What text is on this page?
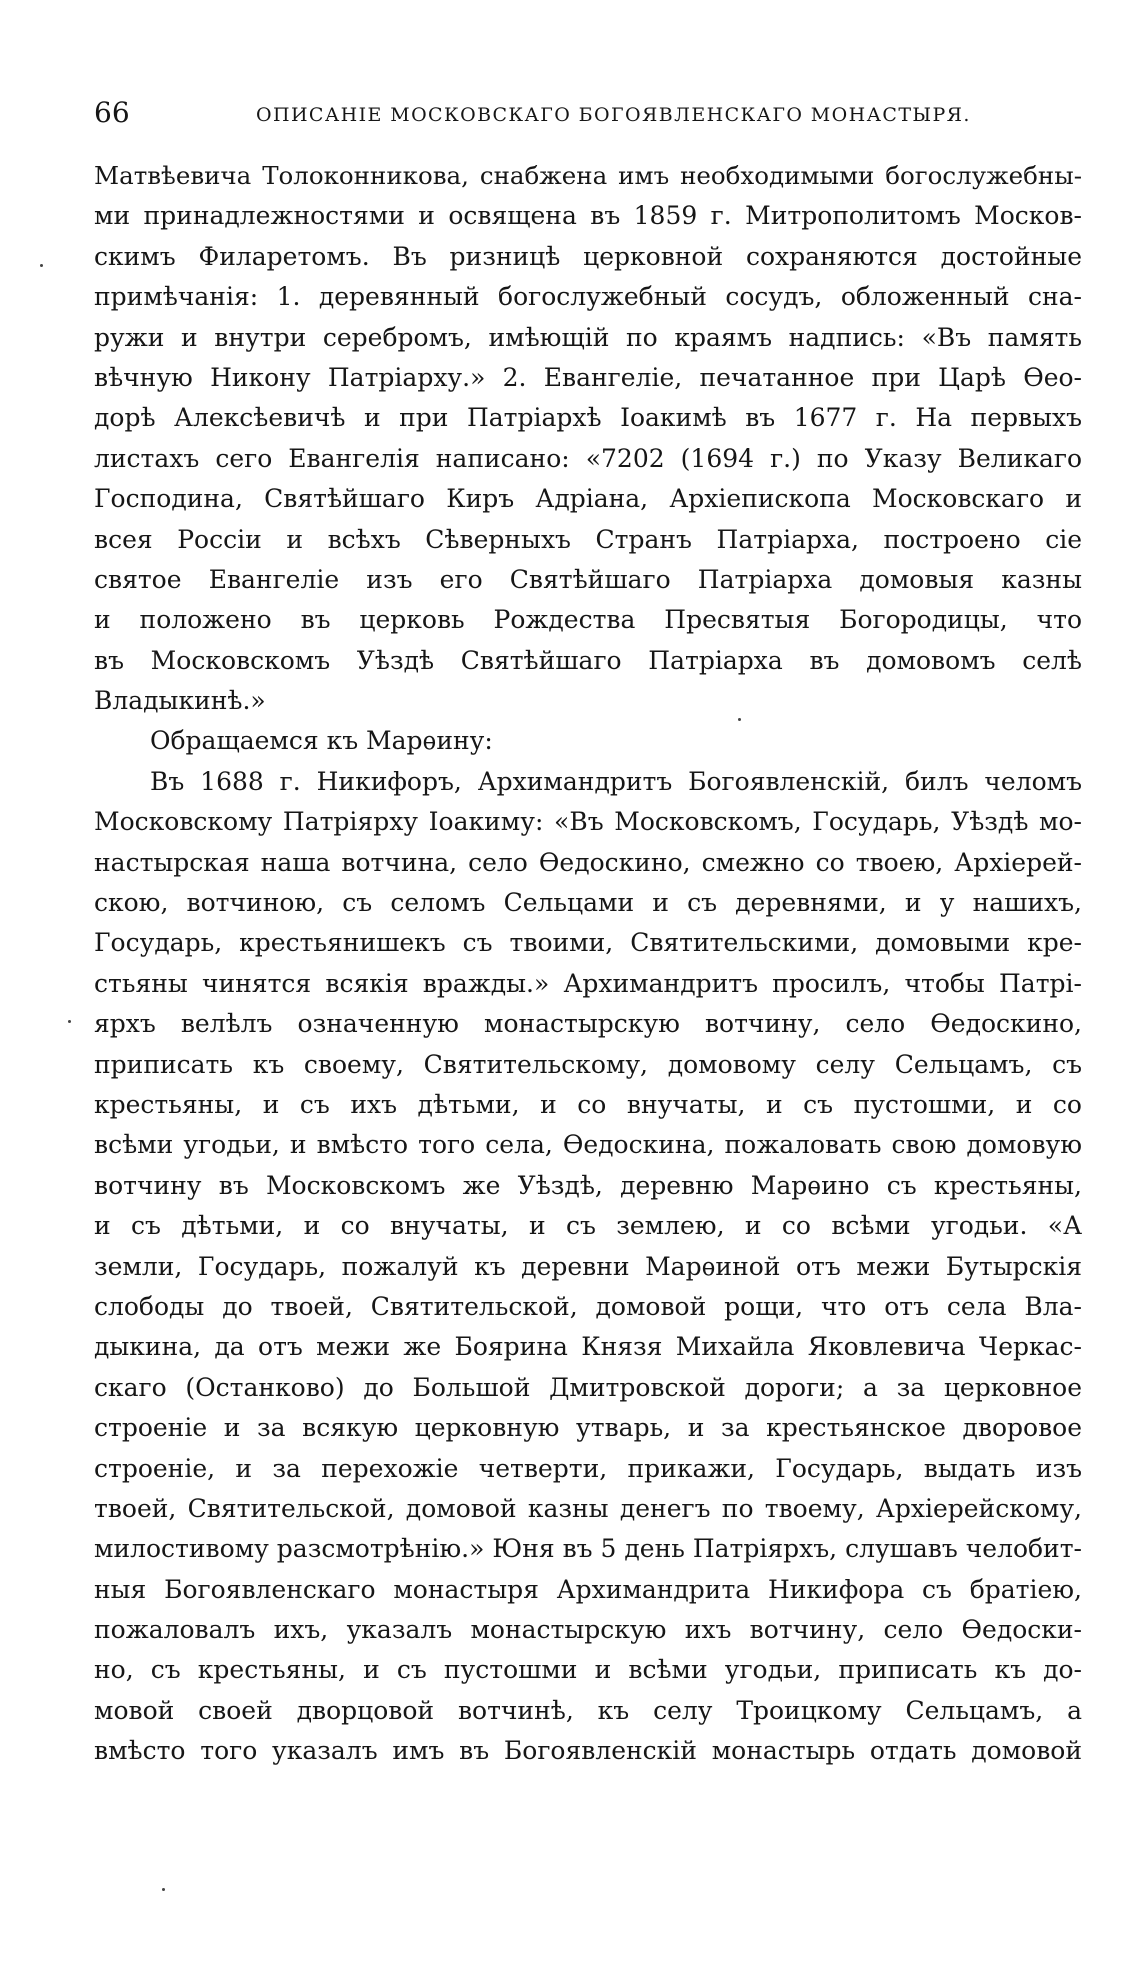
66	ОПИСАНІЕ МОСКОВСКАГО БОГОЯВЛЕНСКАГО МОНАСТЫРЯ.
Матвѣевича Толоконникова, снабжена имъ необходимыми богослужебны-
ми принадлежностями и освящена въ 1859 г. Митрополитомъ Москов-
скимъ Филаретомъ. Въ ризницѣ церковной сохраняются достойные
примѣчанія: 1. деревянный богослужебный сосудъ, обложенный сна-
ружи и внутри серебромъ, имѣющій по краямъ надпись: «Въ память
вѣчную Никону Патріарху.» 2. Евангеліе, печатанное при Царѣ Ѳео-
дорѣ Алексѣевичѣ и при Патріархѣ Іоакимѣ въ 1677 г. На первыхъ
листахъ сего Евангелія написано: «7202 (1694 г.) по Указу Великаго
Господина, Святѣйшаго Киръ Адріана, Архіепископа Московскаго и
всея Россіи и всѣхъ Сѣверныхъ Странъ Патріарха, построено сіе
святое Евангеліе изъ его Святѣйшаго Патріарха домовыя казны
и положено въ церковь Рождества Пресвятыя Богородицы, что
въ Московскомъ Уѣздѣ Святѣйшаго Патріарха въ домовомъ селѣ
Владыкинѣ.»
Обращаемся къ Марѳину:
Въ 1688 г. Никифоръ, Архимандритъ Богоявленскій, билъ челомъ
Московскому Патріярху Іоакиму: «Въ Московскомъ, Государь, Уѣздѣ мо-
настырская наша вотчина, село Ѳедоскино, смежно со твоею, Архіерей-
скою, вотчиною, съ селомъ Сельцами и съ деревнями, и у нашихъ,
Государь, крестьянишекъ съ твоими, Святительскими, домовыми кре-
стьяны чинятся всякія вражды.» Архимандритъ просилъ, чтобы Патрі-
ярхъ велѣлъ означенную монастырскую вотчину, село Ѳедоскино,
приписать къ своему, Святительскому, домовому селу Сельцамъ, съ
крестьяны, и съ ихъ дѣтьми, и со внучаты, и съ пустошми, и со
всѣми угодьи, и вмѣсто того села, Ѳедоскина, пожаловать свою домовую
вотчину въ Московскомъ же Уѣздѣ, деревню Марѳино съ крестьяны,
и съ дѣтьми, и со внучаты, и съ землею, и со всѣми угодьи. «А
земли, Государь, пожалуй къ деревни Марѳиной отъ межи Бутырскія
слободы до твоей, Святительской, домовой рощи, что отъ села Вла-
дыкина, да отъ межи же Боярина Князя Михайла Яковлевича Черкас-
скаго (Останково) до Большой Дмитровской дороги; а за церковное
строеніе и за всякую церковную утварь, и за крестьянское дворовое
строеніе, и за перехожіе четверти, прикажи, Государь, выдать изъ
твоей, Святительской, домовой казны денегъ по твоему, Архіерейскому,
милостивому разсмотрѣнію.» Юня въ 5 день Патріярхъ, слушавъ челобит-
ныя Богоявленскаго монастыря Архимандрита Никифора съ братіею,
пожаловалъ ихъ, указалъ монастырскую ихъ вотчину, село Ѳедоски-
но, съ крестьяны, и съ пустошми и всѣми угодьи, приписать къ до-
мовой своей дворцовой вотчинѣ, къ селу Троицкому Сельцамъ, а
вмѣсто того указалъ имъ въ Богоявленскій монастырь отдать домовой
